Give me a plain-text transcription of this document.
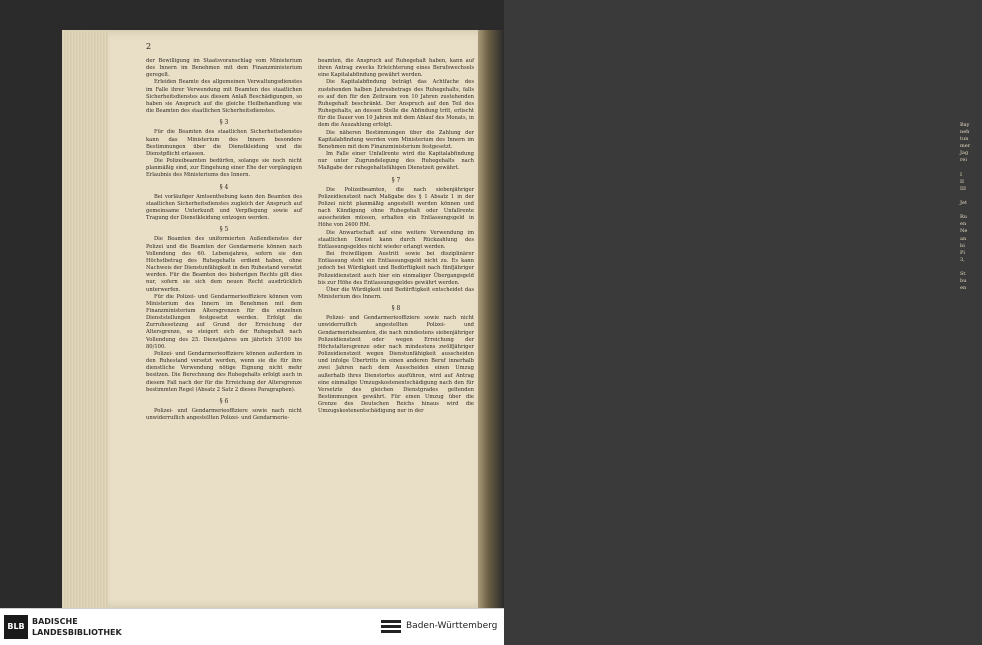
Bay
neh
tun
mer
Jag
rei

I
II
III

Jet

Ru
en
Ne
an
bi
Pi
3,

St
bu
en
2

der Bewilligung im Staatsvoranschlag vom Ministerium des Innern im Benehmen mit dem Finanzministerium geregelt.

Erleiden Beamte des allgemeinen Verwaltungsdienstes im Falle ihrer Verwendung mit Beamten des staatlichen Sicherheitsdienstes aus diesem Anlaß Beschädigungen, so haben sie Anspruch auf die gleiche Heilbehandlung wie die Beamten des staatlichen Sicherheitsdienstes.

§ 3

Für die Beamten des staatlichen Sicherheitsdienstes kann das Ministerium des Innern besondere Bestimmungen über die Dienstkleidung und die Dienstpflicht erlassen.

Die Polizeibeamten bedürfen, solange sie noch nicht planmäßig sind, zur Eingehung einer Ehe der vorgängigen Erlaubnis des Ministeriums des Innern.

§ 4

Bei vorläufiger Amtsenthebung kann den Beamten des staatlichen Sicherheitsdienstes zugleich der Anspruch auf gemeinsame Unterkunft und Verpflegung sowie auf Tragung der Dienstkleidung entzogen werden.

§ 5

Die Beamten des uniformierten Außendienstes der Polizei und die Beamten der Gendarmerie können nach Vollendung des 60. Lebensjahres, sofern sie den Höchstbetrag des Ruhegehalts erdient haben, ohne Nachweis der Dienstunfähigkeit in den Ruhestand versetzt werden. Für die Beamten des bisherigen Rechts gilt dies nur, sofern sie sich dem neuen Recht ausdrücklich unterwerfen.

Für die Polizei- und Gendarmerieoffiziere können vom Ministerium des Innern im Benehmen mit dem Finanzministerium Altersgrenzen für die einzelnen Dienststellungen festgesetzt werden. Erfolgt die Zurruhesetzung auf Grund der Erreichung der Altersgrenze, so steigert sich der Ruhegehalt nach Vollendung des 25. Dienstjahres um jährlich 3/100 bis 80/100.

Polizei- und Gendarmerieoffiziere können außerdem in den Ruhestand versetzt werden, wenn sie die für ihre dienstliche Verwendung nötige Eignung nicht mehr besitzen. Die Berechnung des Ruhegehalts erfolgt auch in diesem Fall nach der für die Erreichung der Altersgrenze bestimmten Regel (Absatz 2 Satz 2 dieses Paragraphen).

§ 6

Polizei- und Gendarmerieoffiziere sowie nach nicht unwiderruflich angestellten Polizei- und Gendarmerie-

beamten, die Anspruch auf Ruhegehalt haben, kann auf ihren Antrag zwecks Erleichterung eines Berufswechsels eine Kapitalabfindung gewährt werden.

Die Kapitalabfindung beträgt das Achtfache des zustehenden halben Jahresbetrags des Ruhegehalts, falls es auf den für den Zeitraum von 10 Jahren zustehenden Ruhegehalt beschränkt. Der Anspruch auf den Teil des Ruhegehalts, an dessen Stelle die Abfindung tritt, erlischt für die Dauer von 10 Jahren mit dem Ablauf des Monats, in dem die Auszahlung erfolgt.

Die näheren Bestimmungen über die Zahlung der Kapitalabfindung werden vom Ministerium des Innern im Benehmen mit dem Finanzministerium festgesetzt.

Im Falle einer Unfallrente wird die Kapitalabfindung nur unter Zugrundelegung des Ruhegehalts nach Maßgabe der ruhegehaltsfähigen Dienstzeit gewährt.

§ 7

Die Polizeibeamten, die nach siebenjähriger Polizeidienstzeit nach Maßgabe des § 1 Absatz 1 in der Polizei nicht planmäßig angestellt werden können und nach Kündigung ohne Ruhegehalt oder Unfallrente ausscheiden müssen, erhalten ein Entlassungsgeld in Höhe von 2400 RM.

Die Anwartschaft auf eine weitere Verwendung im staatlichen Dienst kann durch Rückzahlung des Entlassungsgeldes nicht wieder erlangt werden.

Bei freiwilligem Austritt sowie bei disziplinärer Entlassung steht ein Entlassungsgeld nicht zu. Es kann jedoch bei Würdigkeit und Bedürftigkeit nach fünfjähriger Polizeidienstzeit auch hier ein einmaliger Übergangsgeld bis zur Höhe des Entlassungsgeldes gewährt werden.

Über die Würdigkeit und Bedürftigkeit entscheidet das Ministerium des Innern.

§ 8

Polizei- und Gendarmerieoffiziere sowie nach nicht unwiderruflich angestellten Polizei- und Gendarmeriebeamten, die nach mindestens siebenjähriger Polizeidienstzeit oder wegen Erreichung der Höchstaltersgrenze oder nach mindestens zwölfjähriger Polizeidienstzeit wegen Dienstunfähigkeit ausscheiden und infolge Übertritts in einen anderen Beruf innerhalb zwei Jahren nach dem Ausscheiden einen Umzug außerhalb ihres Dienstortes ausführen, wird auf Antrag eine einmalige Umzugskostenentschädigung nach den für Versetzte des gleichen Dienstgrades geltenden Bestimmungen gewährt. Für einen Umzug über die Grenze des Deutschen Reichs hinaus wird die Umzugskostenentschädigung nur in der

BLB
BADISCHE
LANDESBIBLIOTHEK
Baden-Württemberg
